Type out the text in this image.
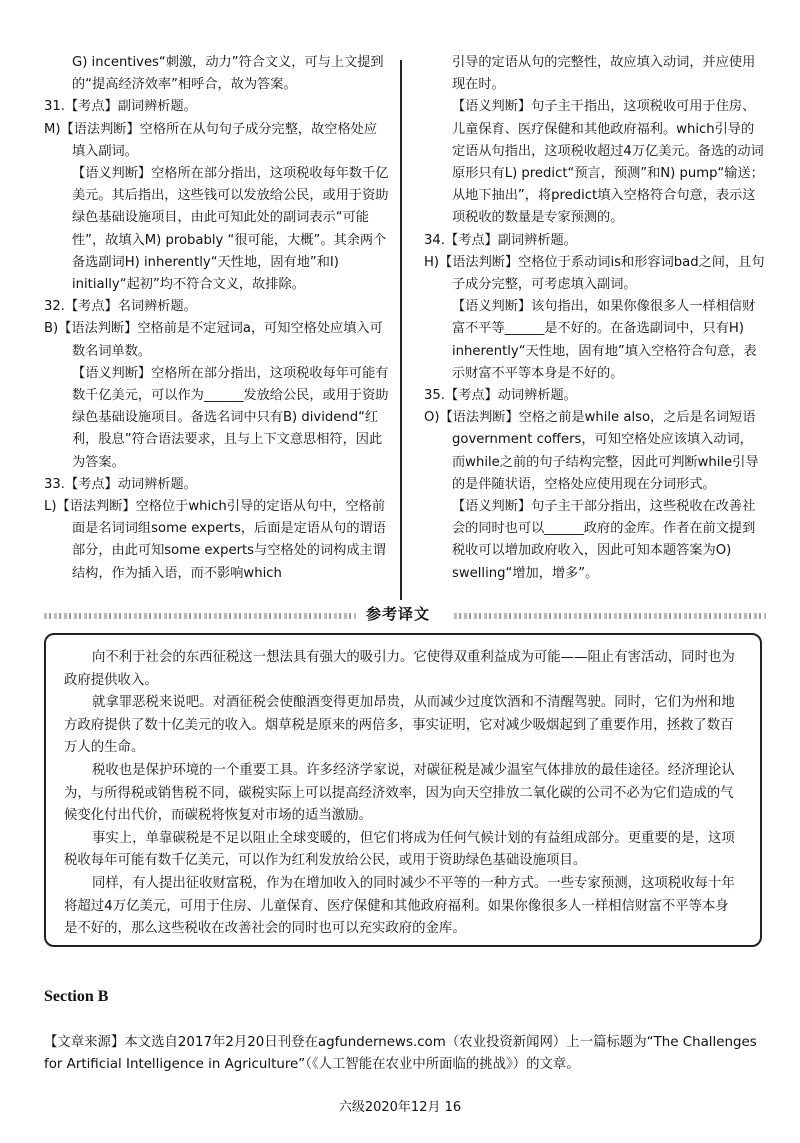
G) incentives“刺激，动力”符合文义，可与上文提到的“提高经济效率”相呼合，故为答案。

31.【考点】副词辨析题。

M)【语法判断】空格所在从句句子成分完整，故空格处应填入副词。

【语义判断】空格所在部分指出，这项税收每年数千亿美元。其后指出，这些钱可以发放给公民，或用于资助绿色基础设施项目，由此可知此处的副词表示“可能性”，故填入M) probably “很可能，大概”。其余两个备选副词H) inherently“天性地，固有地”和I) initially“起初”均不符合文义，故排除。

32.【考点】名词辨析题。

B)【语法判断】空格前是不定冠词a，可知空格处应填入可数名词单数。

【语义判断】空格所在部分指出，这项税收每年可能有数千亿美元，可以作为______发放给公民，或用于资助绿色基础设施项目。备选名词中只有B) dividend“红利，股息”符合语法要求，且与上下文意思相符，因此为答案。

33.【考点】动词辨析题。

L)【语法判断】空格位于which引导的定语从句中，空格前面是名词词组some experts，后面是定语从句的谓语部分，由此可知some experts与空格处的词构成主谓结构，作为插入语，而不影响which

引导的定语从句的完整性，故应填入动词，并应使用现在时。

【语义判断】句子主干指出，这项税收可用于住房、儿童保育、医疗保健和其他政府福利。which引导的定语从句指出，这项税收超过4万亿美元。备选的动词原形只有L) predict“预言，预测”和N) pump“输送；从地下抽出”，将predict填入空格符合句意，表示这项税收的数量是专家预测的。

34.【考点】副词辨析题。

H)【语法判断】空格位于系动词is和形容词bad之间，且句子成分完整，可考虑填入副词。

【语义判断】该句指出，如果你像很多人一样相信财富不平等______是不好的。在备选副词中，只有H) inherently“天性地，固有地”填入空格符合句意，表示财富不平等本身是不好的。

35.【考点】动词辨析题。

O)【语法判断】空格之前是while also，之后是名词短语government coffers，可知空格处应该填入动词，而while之前的句子结构完整，因此可判断while引导的是伴随状语，空格处应使用现在分词形式。

【语义判断】句子主干部分指出，这些税收在改善社会的同时也可以______政府的金库。作者在前文提到税收可以增加政府收入，因此可知本题答案为O) swelling“增加，增多”。

参考译文

向不利于社会的东西征税这一想法具有强大的吸引力。它使得双重利益成为可能——阻止有害活动，同时也为政府提供收入。

就拿罪恶税来说吧。对酒征税会使酿酒变得更加昂贵，从而减少过度饮酒和不清醒驾驶。同时，它们为州和地方政府提供了数十亿美元的收入。烟草税是原来的两倍多，事实证明，它对减少吸烟起到了重要作用，拯救了数百万人的生命。

税收也是保护环境的一个重要工具。许多经济学家说，对碳征税是减少温室气体排放的最佳途径。经济理论认为，与所得税或销售税不同，碳税实际上可以提高经济效率，因为向天空排放二氧化碳的公司不必为它们造成的气候变化付出代价，而碳税将恢复对市场的适当激励。

事实上，单靠碳税是不足以阻止全球变暖的，但它们将成为任何气候计划的有益组成部分。更重要的是，这项税收每年可能有数千亿美元，可以作为红利发放给公民，或用于资助绿色基础设施项目。

同样，有人提出征收财富税，作为在增加收入的同时减少不平等的一种方式。一些专家预测，这项税收每十年将超过4万亿美元，可用于住房、儿童保育、医疗保健和其他政府福利。如果你像很多人一样相信财富不平等本身是不好的，那么这些税收在改善社会的同时也可以充实政府的金库。

Section B
【文章来源】本文选自2017年2月20日刊登在agfundernews.com（农业投资新闻网）上一篇标题为“The Challenges for Artificial Intelligence in Agriculture”（《人工智能在农业中所面临的挑战》）的文章。
六级2020年12月 16
